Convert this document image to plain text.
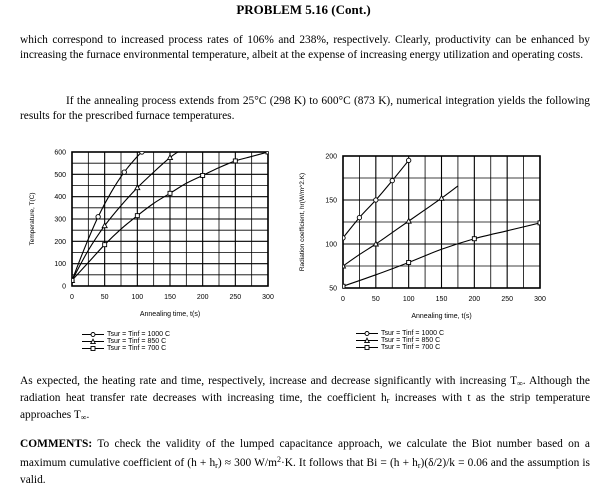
PROBLEM 5.16 (Cont.)
which correspond to increased process rates of 106% and 238%, respectively. Clearly, productivity can be enhanced by increasing the furnace environmental temperature, albeit at the expense of increasing energy utilization and operating costs.
If the annealing process extends from 25°C (298 K) to 600°C (873 K), numerical integration yields the following results for the prescribed furnace temperatures.
0	50	100	150	200	250	300
0
100
200
300
400
500
600
Annealing time, t(s)
Temperature, T(C)
0	50	100	150	200	250	300
50
100
150
200
Annealing time, t(s)
Radiation coefficient, hr(W/m^2.K)
Tsur = Tinf = 1000 C
Tsur = Tinf = 850 C
Tsur = Tinf = 700 C
Tsur = Tinf = 1000 C
Tsur = Tinf = 850 C
Tsur = Tinf = 700 C
As expected, the heating rate and time, respectively, increase and decrease significantly with increasing $T_\infty$. Although the radiation heat transfer rate decreases with increasing time, the coefficient $h_r$ increases with t as the strip temperature approaches $T_\infty$.
COMMENTS: To check the validity of the lumped capacitance approach, we calculate the Biot number based on a maximum cumulative coefficient of $(h + h_r) \approx 300$ $W/m^2\cdot K$. It follows that $Bi = (h + h_r)(\delta/2)/k = 0.06$ and the assumption is valid.
